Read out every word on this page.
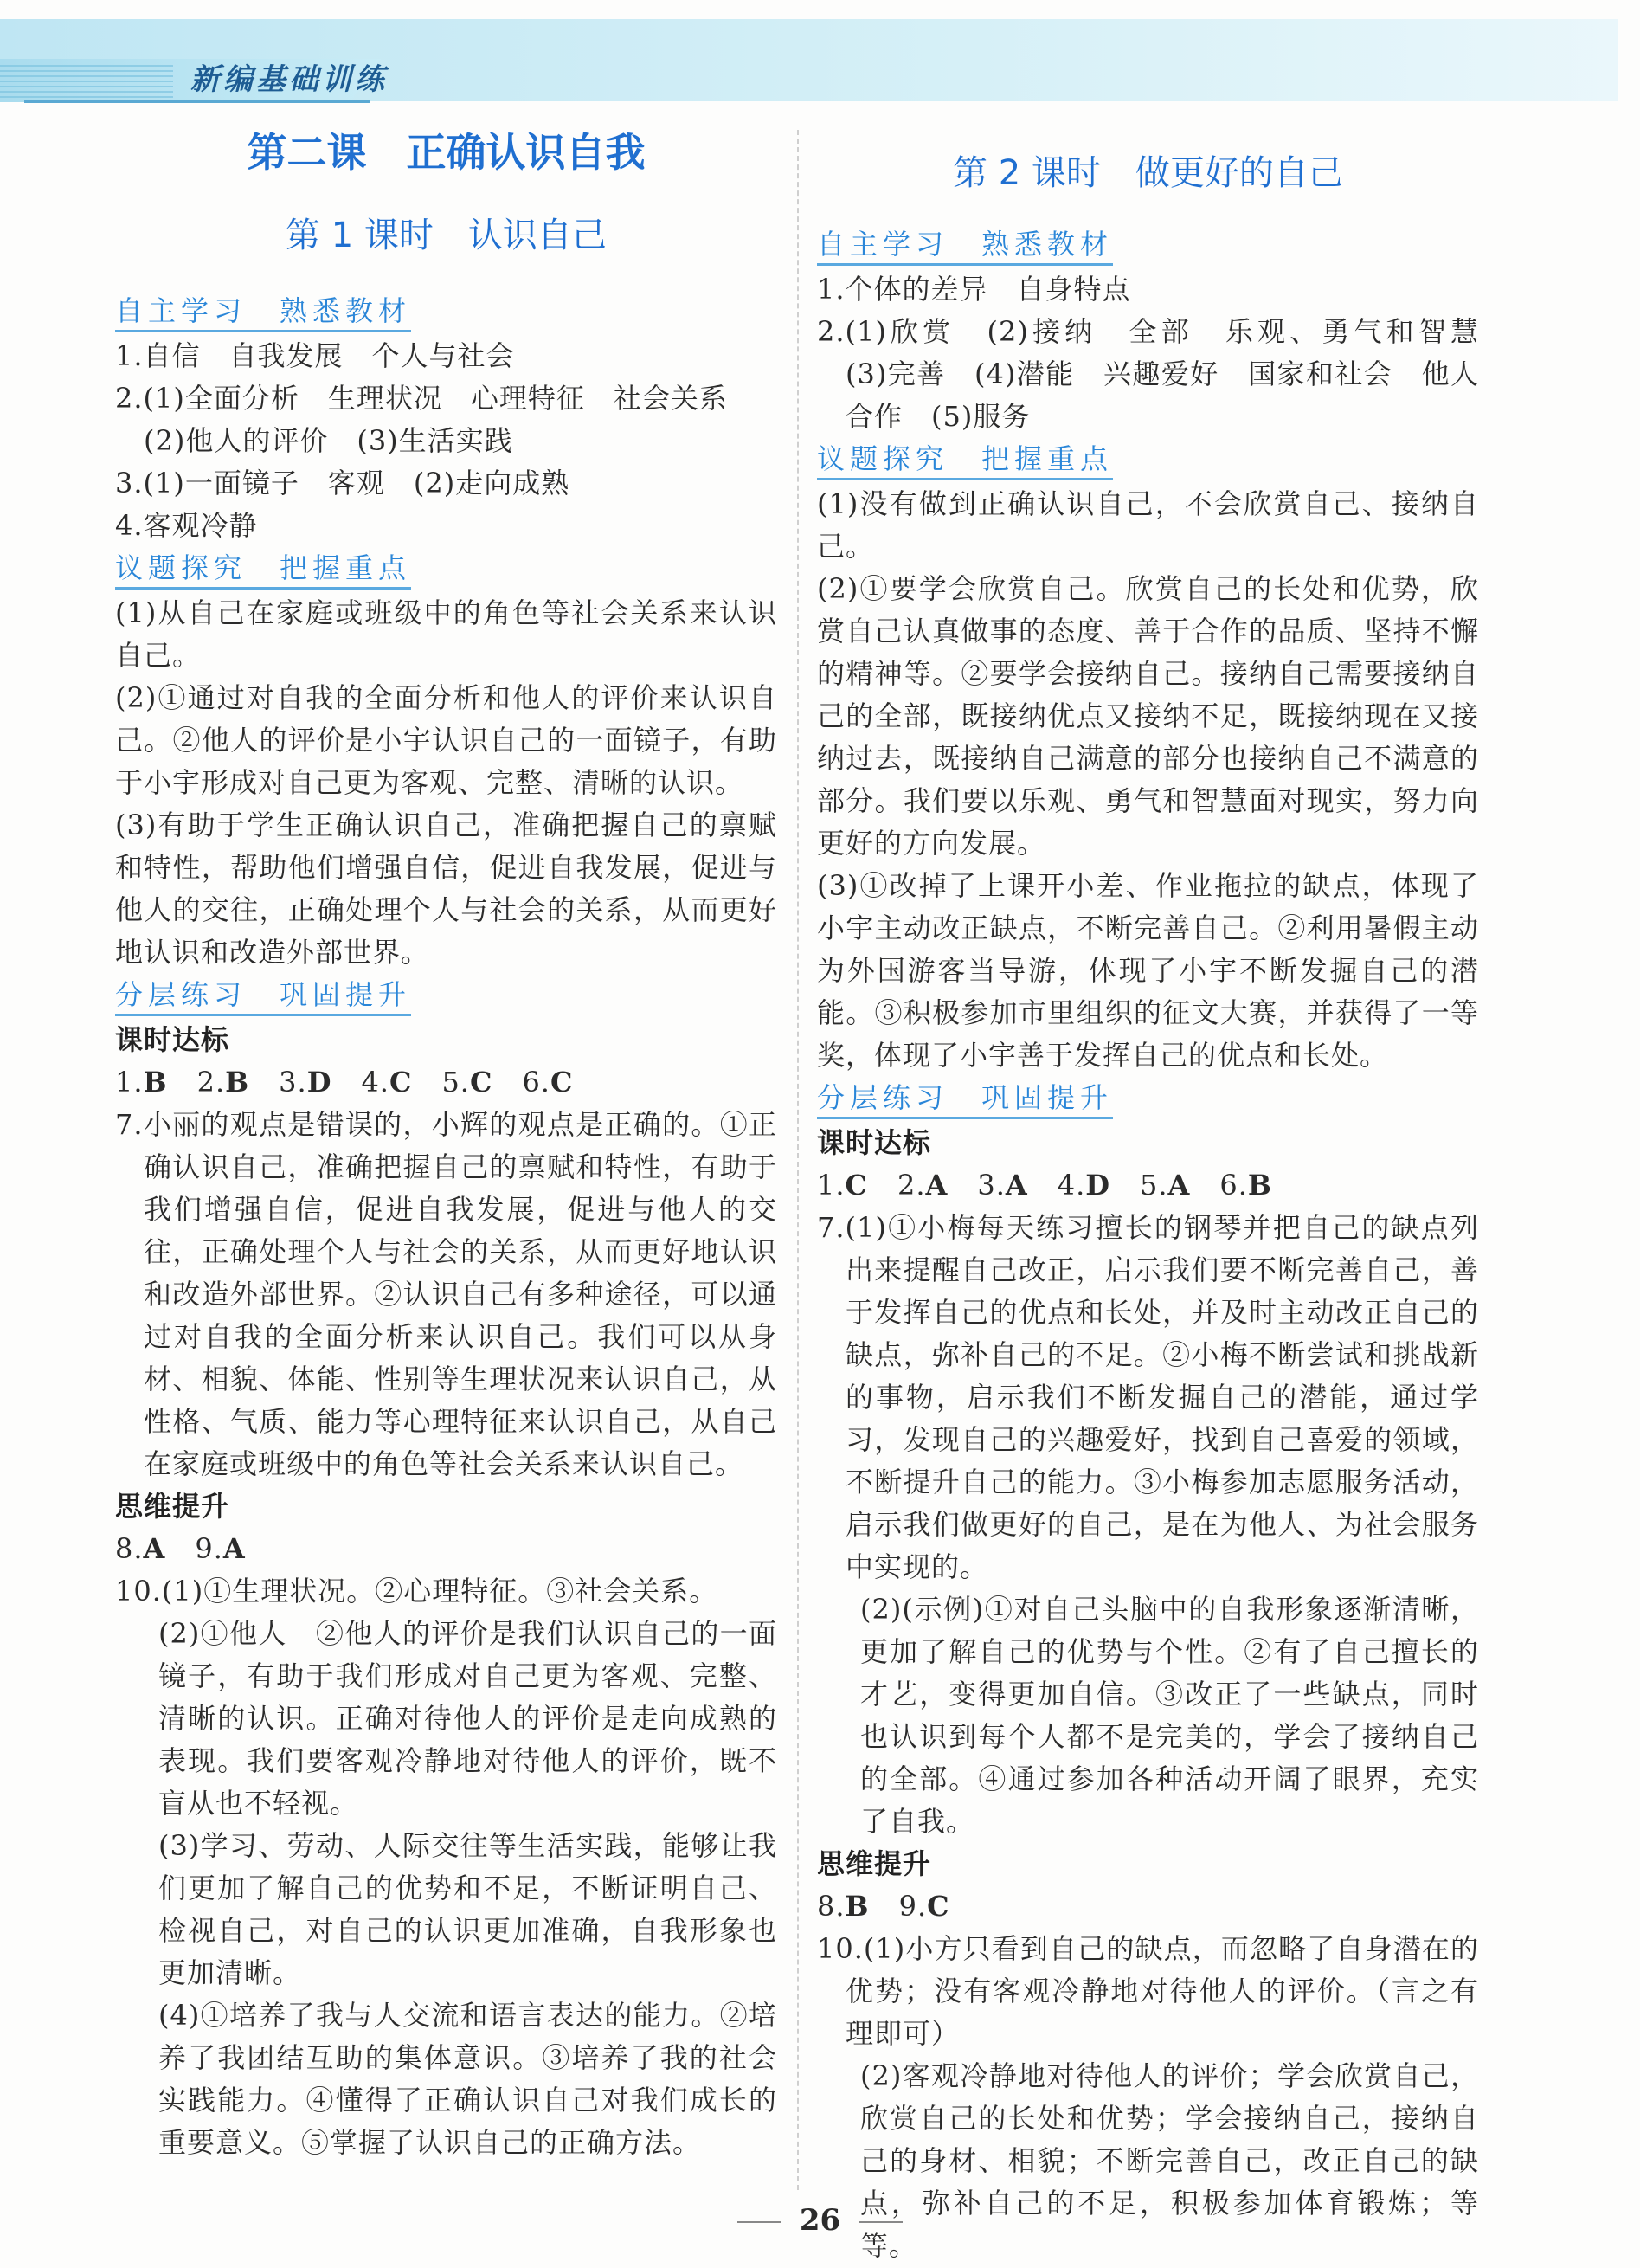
新编基础训练
第二课　正确认识自我
第 1 课时　认识自己
第 2 课时　做更好的自己
自主学习　熟悉教材
1.自信　自我发展　个人与社会
2.(1)全面分析　生理状况　心理特征　社会关系
(2)他人的评价　(3)生活实践
3.(1)一面镜子　客观　(2)走向成熟
4.客观冷静
议题探究　把握重点
(1)从自己在家庭或班级中的角色等社会关系来认识自己。
(2)①通过对自我的全面分析和他人的评价来认识自己。②他人的评价是小宇认识自己的一面镜子，有助于小宇形成对自己更为客观、完整、清晰的认识。
(3)有助于学生正确认识自己，准确把握自己的禀赋和特性，帮助他们增强自信，促进自我发展，促进与他人的交往，正确处理个人与社会的关系，从而更好地认识和改造外部世界。
分层练习　巩固提升
课时达标
1.B 2.B 3.D 4.C 5.C 6.C
7.小丽的观点是错误的，小辉的观点是正确的。①正确认识自己，准确把握自己的禀赋和特性，有助于我们增强自信，促进自我发展，促进与他人的交往，正确处理个人与社会的关系，从而更好地认识和改造外部世界。②认识自己有多种途径，可以通过对自我的全面分析来认识自己。我们可以从身材、相貌、体能、性别等生理状况来认识自己，从性格、气质、能力等心理特征来认识自己，从自己在家庭或班级中的角色等社会关系来认识自己。
思维提升
8.A 9.A
10.(1)①生理状况。②心理特征。③社会关系。
(2)①他人　②他人的评价是我们认识自己的一面镜子，有助于我们形成对自己更为客观、完整、清晰的认识。正确对待他人的评价是走向成熟的表现。我们要客观冷静地对待他人的评价，既不盲从也不轻视。
(3)学习、劳动、人际交往等生活实践，能够让我们更加了解自己的优势和不足，不断证明自己、检视自己，对自己的认识更加准确，自我形象也更加清晰。
(4)①培养了我与人交流和语言表达的能力。②培养了我团结互助的集体意识。③培养了我的社会实践能力。④懂得了正确认识自己对我们成长的重要意义。⑤掌握了认识自己的正确方法。
自主学习　熟悉教材
1.个体的差异　自身特点
2.(1)欣赏　(2)接纳　全部　乐观、勇气和智慧　(3)完善　(4)潜能　兴趣爱好　国家和社会　他人合作　(5)服务
议题探究　把握重点
(1)没有做到正确认识自己，不会欣赏自己、接纳自己。
(2)①要学会欣赏自己。欣赏自己的长处和优势，欣赏自己认真做事的态度、善于合作的品质、坚持不懈的精神等。②要学会接纳自己。接纳自己需要接纳自己的全部，既接纳优点又接纳不足，既接纳现在又接纳过去，既接纳自己满意的部分也接纳自己不满意的部分。我们要以乐观、勇气和智慧面对现实，努力向更好的方向发展。
(3)①改掉了上课开小差、作业拖拉的缺点，体现了小宇主动改正缺点，不断完善自己。②利用暑假主动为外国游客当导游，体现了小宇不断发掘自己的潜能。③积极参加市里组织的征文大赛，并获得了一等奖，体现了小宇善于发挥自己的优点和长处。
分层练习　巩固提升
课时达标
1.C 2.A 3.A 4.D 5.A 6.B
7.(1)①小梅每天练习擅长的钢琴并把自己的缺点列出来提醒自己改正，启示我们要不断完善自己，善于发挥自己的优点和长处，并及时主动改正自己的缺点，弥补自己的不足。②小梅不断尝试和挑战新的事物，启示我们不断发掘自己的潜能，通过学习，发现自己的兴趣爱好，找到自己喜爱的领域，不断提升自己的能力。③小梅参加志愿服务活动，启示我们做更好的自己，是在为他人、为社会服务中实现的。
(2)(示例)①对自己头脑中的自我形象逐渐清晰，更加了解自己的优势与个性。②有了自己擅长的才艺，变得更加自信。③改正了一些缺点，同时也认识到每个人都不是完美的，学会了接纳自己的全部。④通过参加各种活动开阔了眼界，充实了自我。
思维提升
8.B 9.C
10.(1)小方只看到自己的缺点，而忽略了自身潜在的优势；没有客观冷静地对待他人的评价。（言之有理即可）
(2)客观冷静地对待他人的评价；学会欣赏自己，欣赏自己的长处和优势；学会接纳自己，接纳自己的身材、相貌；不断完善自己，改正自己的缺点，弥补自己的不足，积极参加体育锻炼；等等。
26
